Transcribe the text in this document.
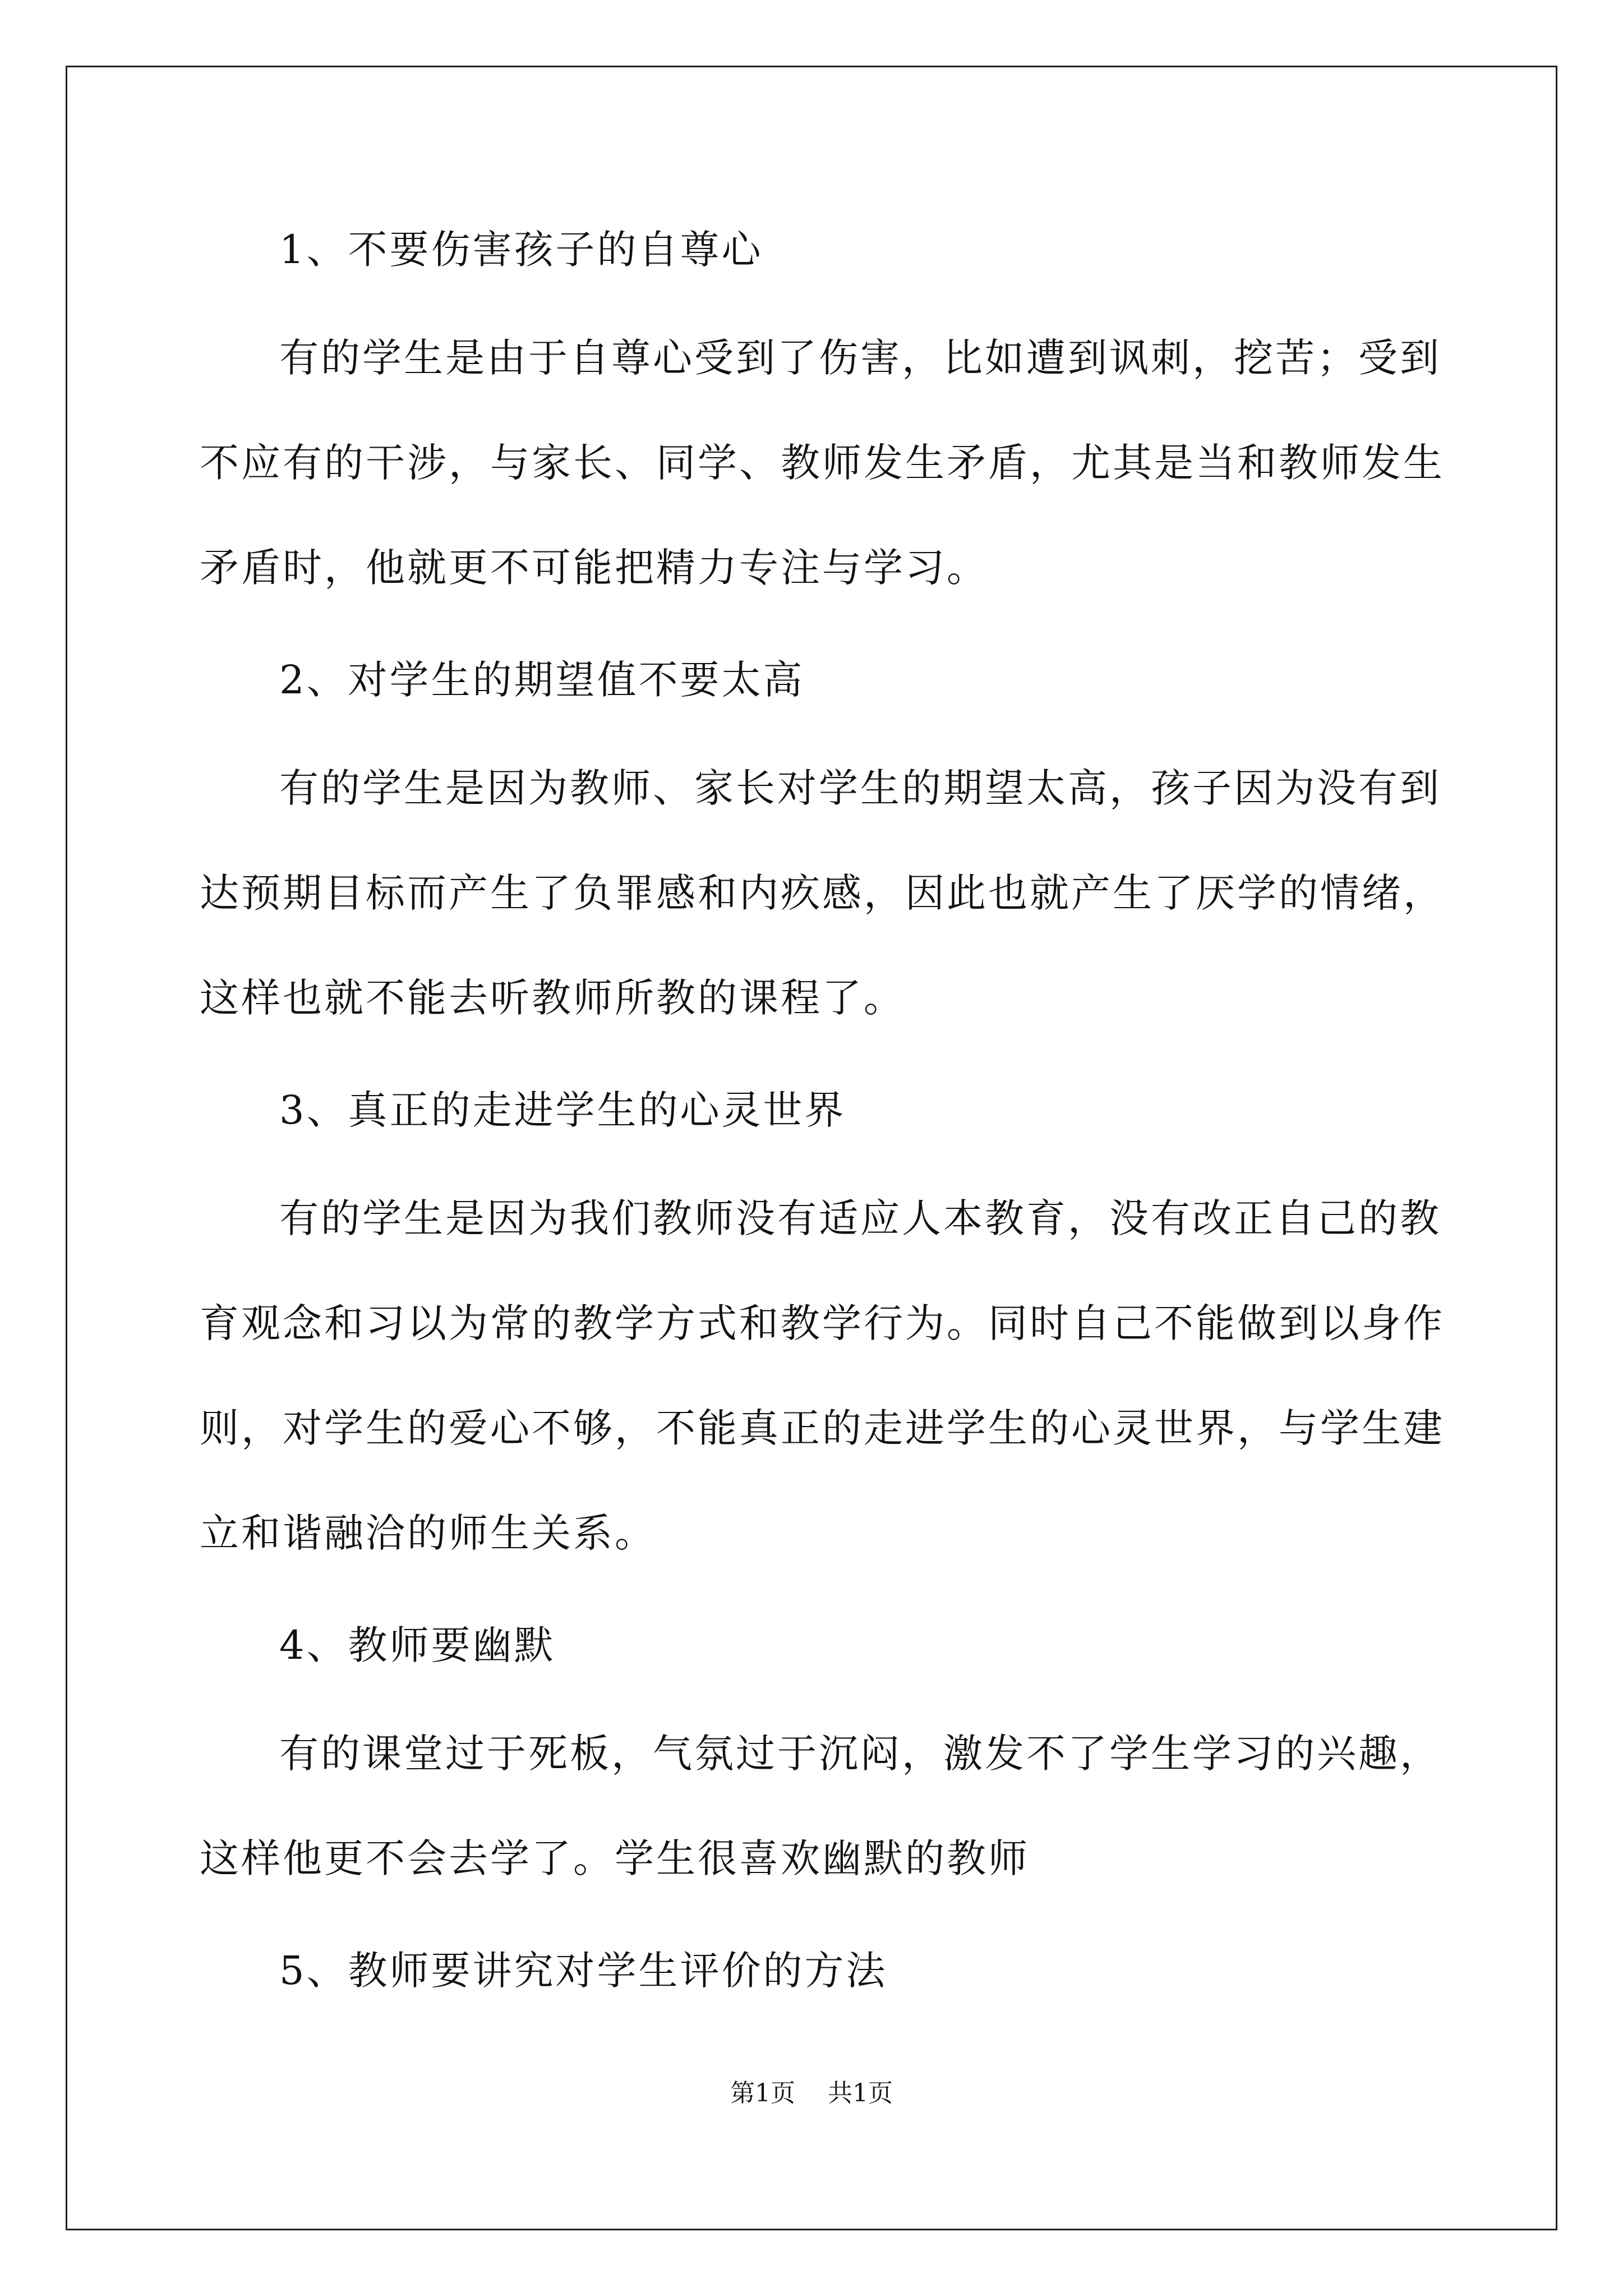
1、不要伤害孩子的自尊心

有的学生是由于自尊心受到了伤害，比如遭到讽刺，挖苦；受到

不应有的干涉，与家长、同学、教师发生矛盾，尤其是当和教师发生

矛盾时，他就更不可能把精力专注与学习。

2、对学生的期望值不要太高

有的学生是因为教师、家长对学生的期望太高，孩子因为没有到

达预期目标而产生了负罪感和内疚感，因此也就产生了厌学的情绪，

这样也就不能去听教师所教的课程了。

3、真正的走进学生的心灵世界

有的学生是因为我们教师没有适应人本教育，没有改正自己的教

育观念和习以为常的教学方式和教学行为。同时自己不能做到以身作

则，对学生的爱心不够，不能真正的走进学生的心灵世界，与学生建

立和谐融洽的师生关系。

4、教师要幽默

有的课堂过于死板，气氛过于沉闷，激发不了学生学习的兴趣，

这样他更不会去学了。学生很喜欢幽默的教师

5、教师要讲究对学生评价的方法

第1页 共1页
